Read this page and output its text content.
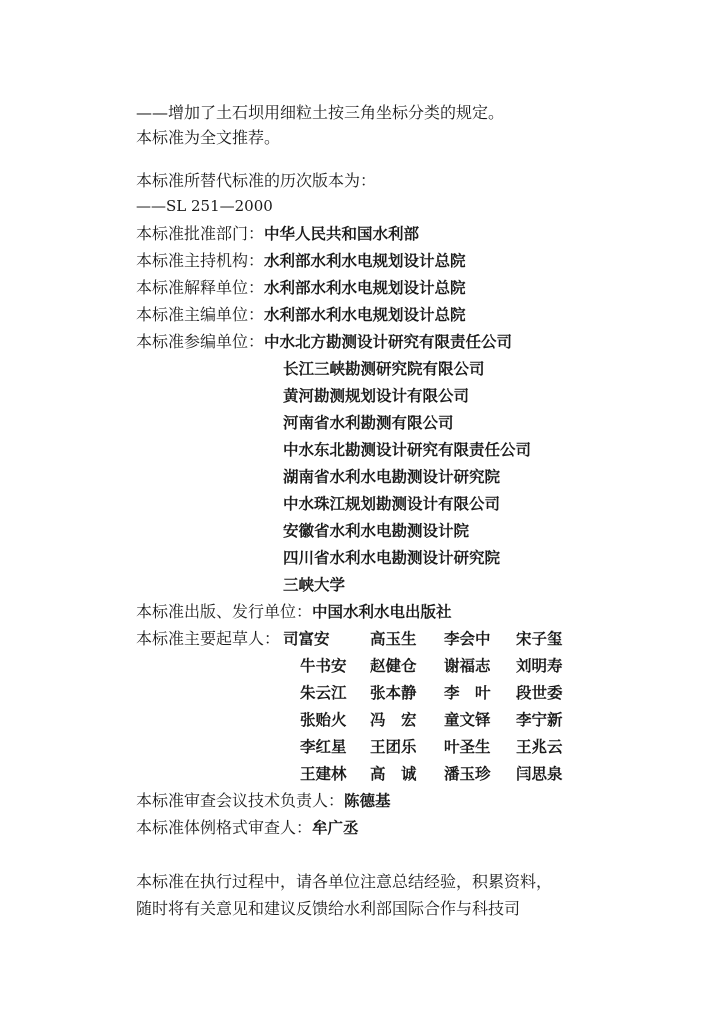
——增加了土石坝用细粒土按三角坐标分类的规定。
本标准为全文推荐。
本标准所替代标准的历次版本为：
——SL 251—2000
本标准批准部门：中华人民共和国水利部
本标准主持机构：水利部水利水电规划设计总院
本标准解释单位：水利部水利水电规划设计总院
本标准主编单位：水利部水利水电规划设计总院
本标准参编单位：中水北方勘测设计研究有限责任公司
长江三峡勘测研究院有限公司
黄河勘测规划设计有限公司
河南省水利勘测有限公司
中水东北勘测设计研究有限责任公司
湖南省水利水电勘测设计研究院
中水珠江规划勘测设计有限公司
安徽省水利水电勘测设计院
四川省水利水电勘测设计研究院
三峡大学
本标准出版、发行单位：中国水利水电出版社
本标准主要起草人： 司富安	高玉生 李会中 宋子玺
牛书安 赵健仓 谢福志 刘明寿
朱云江 张本静 李　叶 段世委
张贻火 冯　宏 童文铎 李宁新
李红星 王团乐 叶圣生 王兆云
王建林 高　诚 潘玉珍 闫思泉
本标准审查会议技术负责人：陈德基
本标准体例格式审查人：牟广丞
本标准在执行过程中，请各单位注意总结经验，积累资料，
随时将有关意见和建议反馈给水利部国际合作与科技司
